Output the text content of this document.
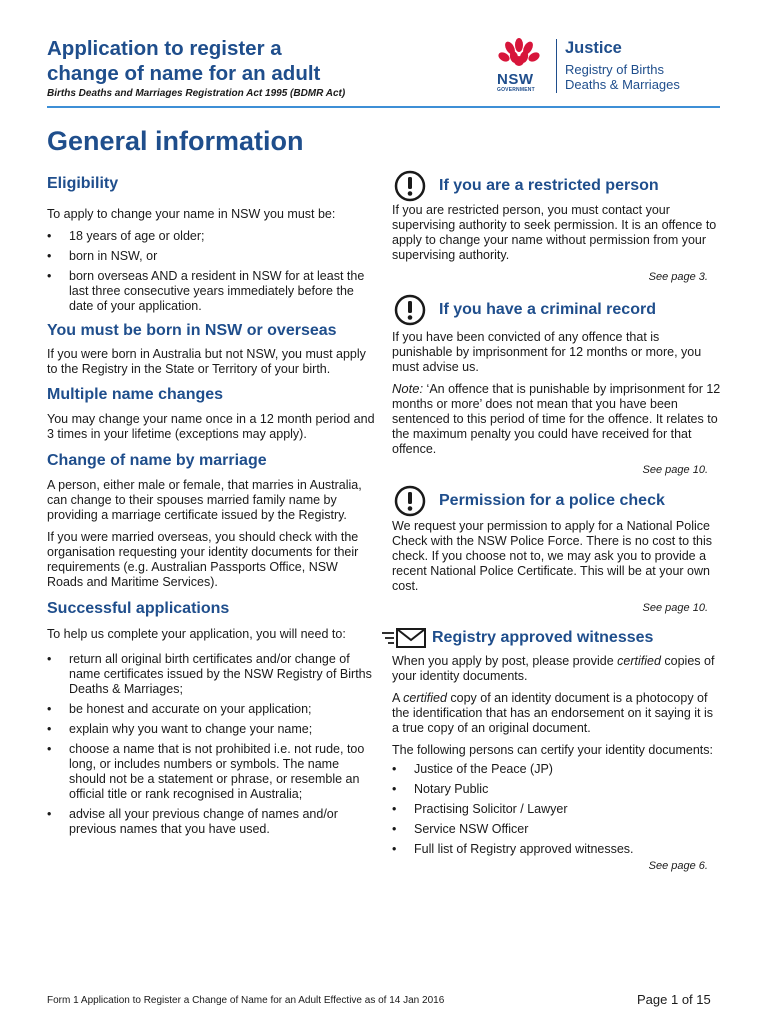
Application to register a
change of name for an adult
Births Deaths and Marriages Registration Act 1995 (BDMR Act)
NSW
GOVERNMENT
Justice
Registry of Births
Deaths & Marriages
General information
Eligibility
To apply to change your name in NSW you must be:
• 18 years of age or older;
• born in NSW, or
• born overseas AND a resident in NSW for at least the last three consecutive years immediately before the date of your application.
You must be born in NSW or overseas
If you were born in Australia but not NSW, you must apply to the Registry in the State or Territory of your birth.
Multiple name changes
You may change your name once in a 12 month period and 3 times in your lifetime (exceptions may apply).
Change of name by marriage
A person, either male or female, that marries in Australia, can change to their spouses married family name by providing a marriage certificate issued by the Registry.
If you were married overseas, you should check with the organisation requesting your identity documents for their requirements (e.g. Australian Passports Office, NSW Roads and Maritime Services).
Successful applications
To help us complete your application, you will need to:
• return all original birth certificates and/or change of name certificates issued by the NSW Registry of Births Deaths & Marriages;
• be honest and accurate on your application;
• explain why you want to change your name;
• choose a name that is not prohibited i.e. not rude, too long, or includes numbers or symbols. The name should not be a statement or phrase, or resemble an official title or rank recognised in Australia;
• advise all your previous change of names and/or previous names that you have used.
If you are a restricted person
If you are restricted person, you must contact your supervising authority to seek permission. It is an offence to apply to change your name without permission from your supervising authority.
See page 3.
If you have a criminal record
If you have been convicted of any offence that is punishable by imprisonment for 12 months or more, you must advise us.
Note: ‘An offence that is punishable by imprisonment for 12 months or more’ does not mean that you have been sentenced to this period of time for the offence. It relates to the maximum penalty you could have received for that offence.
See page 10.
Permission for a police check
We request your permission to apply for a National Police Check with the NSW Police Force. There is no cost to this check. If you choose not to, we may ask you to provide a recent National Police Certificate. This will be at your own cost.
See page 10.
Registry approved witnesses
When you apply by post, please provide certified copies of your identity documents.
A certified copy of an identity document is a photocopy of the identification that has an endorsement on it saying it is a true copy of an original document.
The following persons can certify your identity documents:
• Justice of the Peace (JP)
• Notary Public
• Practising Solicitor / Lawyer
• Service NSW Officer
• Full list of Registry approved witnesses.
See page 6.
Form 1 Application to Register a Change of Name for an Adult Effective as of 14 Jan 2016	Page 1 of 15
